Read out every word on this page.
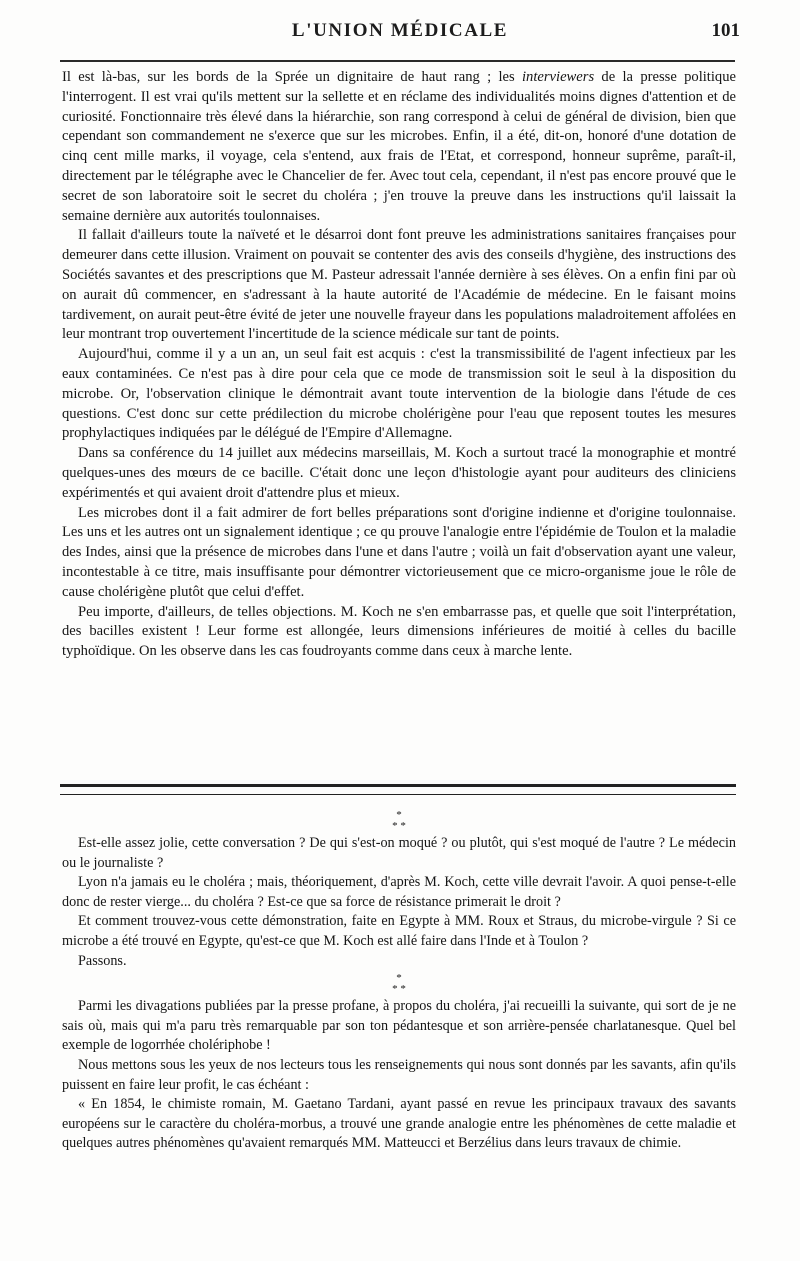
L'UNION MÉDICALE	101

Il est là-bas, sur les bords de la Sprée un dignitaire de haut rang ; les interviewers de la presse politique l'interrogent. Il est vrai qu'ils mettent sur la sellette et en réclame des individualités moins dignes d'attention et de curiosité. Fonctionnaire très élevé dans la hiérarchie, son rang correspond à celui de général de division, bien que cependant son commandement ne s'exerce que sur les microbes. Enfin, il a été, dit-on, honoré d'une dotation de cinq cent mille marks, il voyage, cela s'entend, aux frais de l'Etat, et correspond, honneur suprême, paraît-il, directement par le télégraphe avec le Chancelier de fer. Avec tout cela, cependant, il n'est pas encore prouvé que le secret de son laboratoire soit le secret du choléra ; j'en trouve la preuve dans les instructions qu'il laissait la semaine dernière aux autorités toulonnaises.

Il fallait d'ailleurs toute la naïveté et le désarroi dont font preuve les administrations sanitaires françaises pour demeurer dans cette illusion. Vraiment on pouvait se contenter des avis des conseils d'hygiène, des instructions des Sociétés savantes et des prescriptions que M. Pasteur adressait l'année dernière à ses élèves. On a enfin fini par où on aurait dû commencer, en s'adressant à la haute autorité de l'Académie de médecine. En le faisant moins tardivement, on aurait peut-être évité de jeter une nouvelle frayeur dans les populations maladroitement affolées en leur montrant trop ouvertement l'incertitude de la science médicale sur tant de points.

Aujourd'hui, comme il y a un an, un seul fait est acquis : c'est la transmissibilité de l'agent infectieux par les eaux contaminées. Ce n'est pas à dire pour cela que ce mode de transmission soit le seul à la disposition du microbe. Or, l'observation clinique le démontrait avant toute intervention de la biologie dans l'étude de ces questions. C'est donc sur cette prédilection du microbe cholérigène pour l'eau que reposent toutes les mesures prophylactiques indiquées par le délégué de l'Empire d'Allemagne.

Dans sa conférence du 14 juillet aux médecins marseillais, M. Koch a surtout tracé la monographie et montré quelques-unes des mœurs de ce bacille. C'était donc une leçon d'histologie ayant pour auditeurs des cliniciens expérimentés et qui avaient droit d'attendre plus et mieux.

Les microbes dont il a fait admirer de fort belles préparations sont d'origine indienne et d'origine toulonnaise. Les uns et les autres ont un signalement identique ; ce qu prouve l'analogie entre l'épidémie de Toulon et la maladie des Indes, ainsi que la présence de microbes dans l'une et dans l'autre ; voilà un fait d'observation ayant une valeur, incontestable à ce titre, mais insuffisante pour démontrer victorieusement que ce micro-organisme joue le rôle de cause cholérigène plutôt que celui d'effet.

Peu importe, d'ailleurs, de telles objections. M. Koch ne s'en embarrasse pas, et quelle que soit l'interprétation, des bacilles existent ! Leur forme est allongée, leurs dimensions inférieures de moitié à celles du bacille typhoïdique. On les observe dans les cas foudroyants comme dans ceux à marche lente.

*
* *

Est-elle assez jolie, cette conversation ? De qui s'est-on moqué ? ou plutôt, qui s'est moqué de l'autre ? Le médecin ou le journaliste ?

Lyon n'a jamais eu le choléra ; mais, théoriquement, d'après M. Koch, cette ville devrait l'avoir. A quoi pense-t-elle donc de rester vierge... du choléra ? Est-ce que sa force de résistance primerait le droit ?

Et comment trouvez-vous cette démonstration, faite en Egypte à MM. Roux et Straus, du microbe-virgule ? Si ce microbe a été trouvé en Egypte, qu'est-ce que M. Koch est allé faire dans l'Inde et à Toulon ?

Passons.

*
* *

Parmi les divagations publiées par la presse profane, à propos du choléra, j'ai recueilli la suivante, qui sort de je ne sais où, mais qui m'a paru très remarquable par son ton pédantesque et son arrière-pensée charlatanesque. Quel bel exemple de logorrhée cholériphobe !

Nous mettons sous les yeux de nos lecteurs tous les renseignements qui nous sont donnés par les savants, afin qu'ils puissent en faire leur profit, le cas échéant :

« En 1854, le chimiste romain, M. Gaetano Tardani, ayant passé en revue les principaux travaux des savants européens sur le caractère du choléra-morbus, a trouvé une grande analogie entre les phénomènes de cette maladie et quelques autres phénomènes qu'avaient remarqués MM. Matteucci et Berzélius dans leurs travaux de chimie.
